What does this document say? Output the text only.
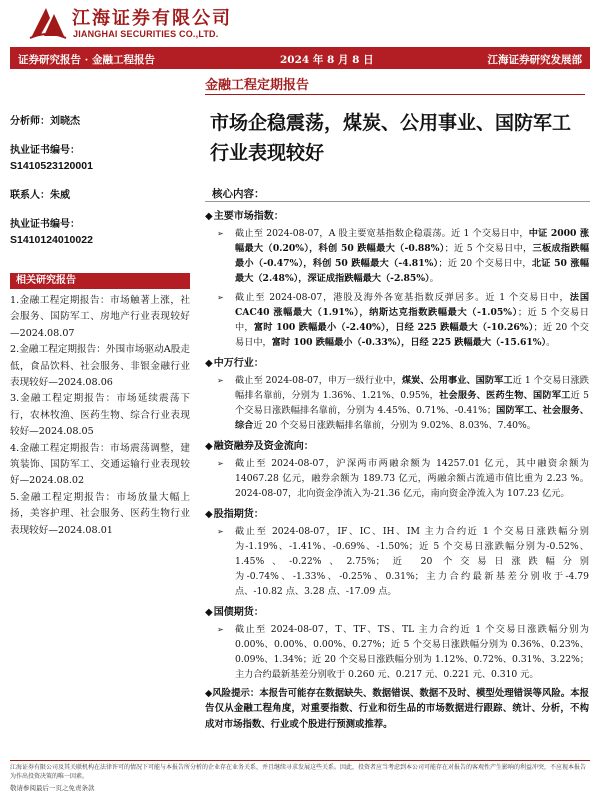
江海证券有限公司
JIANGHAI SECURITIES CO.,LTD.
证券研究报告 · 金融工程报告	2024 年 8 月 8 日	江海证券研究发展部
金融工程定期报告
市场企稳震荡，煤炭、公用事业、国防军工行业表现较好
分析师：刘晓杰
执业证书编号：
S1410523120001
联系人：朱威
执业证书编号：
S1410124010022
相关研究报告
1.金融工程定期报告：市场触著上涨，社会服务、国防军工、房地产行业表现较好—2024.08.07
2.金融工程定期报告：外围市场驱动A股走低，食品饮料、社会服务、非银金融行业表现较好—2024.08.06
3.金融工程定期报告：市场延续震荡下行，农林牧渔、医药生物、综合行业表现较好—2024.08.05
4.金融工程定期报告：市场震荡调整，建筑装饰、国防军工、交通运输行业表现较好—2024.08.02
5.金融工程定期报告：市场放量大幅上扬，美容护理、社会服务、医药生物行业表现较好—2024.08.01
核心内容：
◆ 主要市场指数：
➢ 截止至 2024-08-07，A 股主要宽基指数企稳震荡。近 1 个交易日中，中证 2000 涨幅最大（0.20%），科创 50 跌幅最大（-0.88%）；近 5 个交易日中，三板成指跌幅最小（-0.47%），科创 50 跌幅最大（-4.81%）；近 20 个交易日中，北证 50 涨幅最大（2.48%），深证成指跌幅最大（-2.85%）。
➢ 截止至 2024-08-07，港股及海外各宽基指数反弹居多。近 1 个交易日中，法国 CAC40 涨幅最大（1.91%），纳斯达克指数跌幅最大（-1.05%）；近 5 个交易日中，富时 100 跌幅最小（-2.40%），日经 225 跌幅最大（-10.26%）；近 20 个交易日中，富时 100 跌幅最小（-0.33%），日经 225 跌幅最大（-15.61%）。
◆ 中万行业：
➢ 截止至 2024-08-07，申万一级行业中，煤炭、公用事业、国防军工近 1 个交易日涨跌幅排名靠前，分别为 1.36%、1.21%、0.95%，社会服务、医药生物、国防军工近 5 个交易日涨跌幅排名靠前，分别为 4.45%、0.71%、-0.41%；国防军工、社会服务、综合近 20 个交易日涨跌幅排名靠前，分别为 9.02%、8.03%、7.40%。
◆ 融资融券及资金流向：
➢ 截止至 2024-08-07，沪深两市两融余额为 14257.01 亿元，其中融资余额为 14067.28 亿元，融券余额为 189.73 亿元，两融余额占流通市值比重为 2.23 %。2024-08-07，北向资金净流入为-21.36 亿元，南向资金净流入为 107.23 亿元。
◆ 股指期货：
➢ 截止至 2024-08-07，IF、IC、IH、IM 主力合约近 1 个交易日涨跌幅分别为-1.19%、-1.41%、-0.69%、-1.50%；近 5 个交易日涨跌幅分别为-0.52%、1.45%、-0.22%、2.75%；近 20 个交易日涨跌幅分别为-0.74%、-1.33%、-0.25%、0.31%；主力合约最新基差分别收于-4.79 点、-10.82 点、3.28 点、-17.09 点。
◆ 国债期货：
➢ 截止至 2024-08-07，T、TF、TS、TL 主力合约近 1 个交易日涨跌幅分别为 0.00%、0.00%、0.00%、0.27%；近 5 个交易日涨跌幅分别为 0.36%、0.23%、0.09%、1.34%；近 20 个交易日涨跌幅分别为 1.12%、0.72%、0.31%、3.22%；主力合约最新基差分别收于 0.260 元、0.217 元、0.221 元、0.310 元。
◆风险提示：本报告可能存在数据缺失、数据错误、数据不及时、模型处理错误等风险。本报告仅从金融工程角度，对重要指数、行业和衍生品的市场数据进行跟踪、统计、分析，不构成对市场指数、行业或个股进行预测或推荐。
江海证券有限公司及其关联机构在法律许可的情况下可能与本报告所分析的企业存在业务关系，并且继续寻求发展这些关系。因此，投资者应当考虑到本公司可能存在对报告的客观性产生影响的利益冲突，不应视本报告为作出投资决策的唯一因素。
敬请参阅最后一页之免责条款
